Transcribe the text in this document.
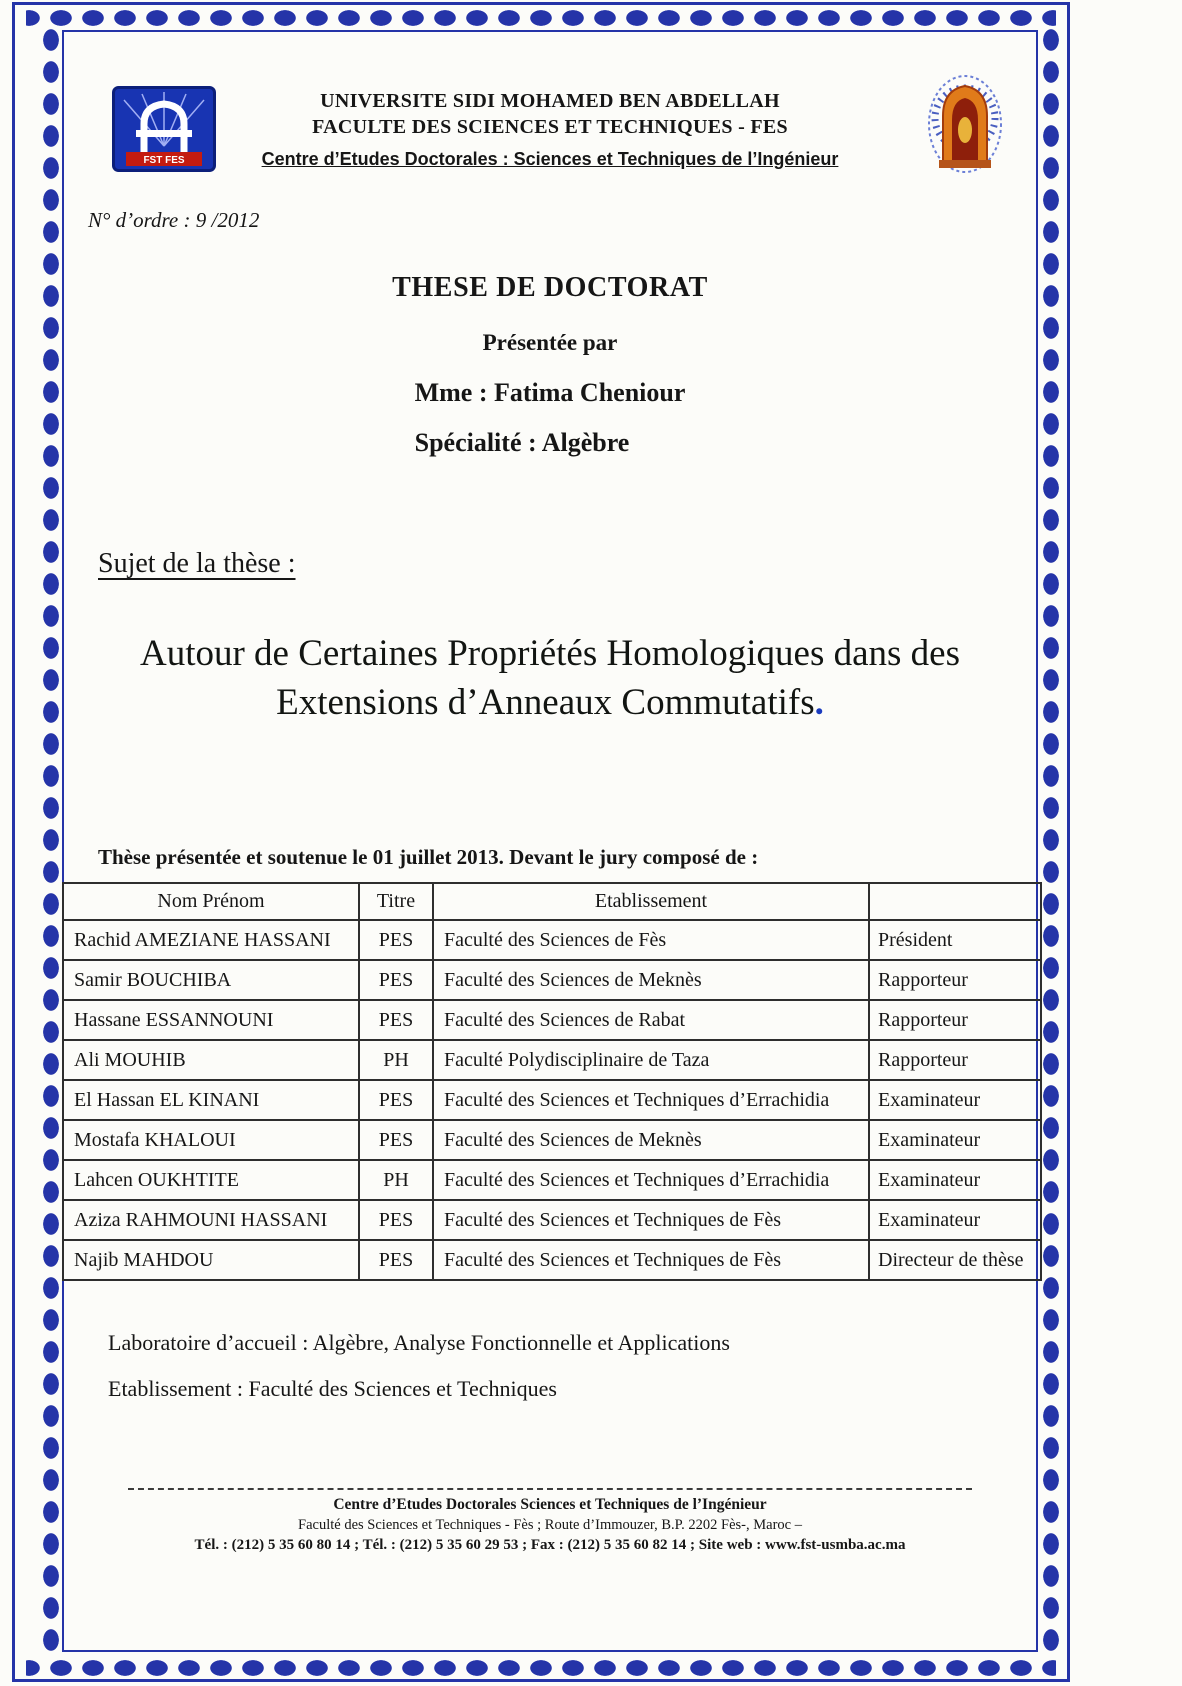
FST FES
UNIVERSITE SIDI MOHAMED BEN ABDELLAH
FACULTE DES SCIENCES ET TECHNIQUES - FES
Centre d’Etudes Doctorales : Sciences et Techniques de l’Ingénieur
N° d’ordre : 9 /2012
THESE DE DOCTORAT
Présentée par
Mme : Fatima Cheniour
Spécialité : Algèbre
Sujet de la thèse :
Autour de Certaines Propriétés Homologiques dans des
Extensions d’Anneaux Commutatifs.
Thèse présentée et soutenue le 01 juillet 2013. Devant le jury composé de :
Nom Prénom	Titre	Etablissement	
Rachid AMEZIANE HASSANI	PES	Faculté des Sciences de Fès	Président
Samir BOUCHIBA	PES	Faculté des Sciences de Meknès	Rapporteur
Hassane ESSANNOUNI	PES	Faculté des Sciences de Rabat	Rapporteur
Ali MOUHIB	PH	Faculté Polydisciplinaire de Taza	Rapporteur
El Hassan EL KINANI	PES	Faculté des Sciences et Techniques d’Errachidia	Examinateur
Mostafa KHALOUI	PES	Faculté des Sciences de Meknès	Examinateur
Lahcen OUKHTITE	PH	Faculté des Sciences et Techniques d’Errachidia	Examinateur
Aziza RAHMOUNI HASSANI	PES	Faculté des Sciences et Techniques de Fès	Examinateur
Najib MAHDOU	PES	Faculté des Sciences et Techniques de Fès	Directeur de thèse
Laboratoire d’accueil : Algèbre, Analyse Fonctionnelle et Applications
Etablissement : Faculté des Sciences et Techniques
Centre d’Etudes Doctorales Sciences et Techniques de l’Ingénieur
Faculté des Sciences et Techniques - Fès ; Route d’Immouzer, B.P. 2202 Fès-, Maroc –
Tél. : (212) 5 35 60 80 14 ; Tél. : (212) 5 35 60 29 53 ; Fax : (212) 5 35 60 82 14 ; Site web : www.fst-usmba.ac.ma
